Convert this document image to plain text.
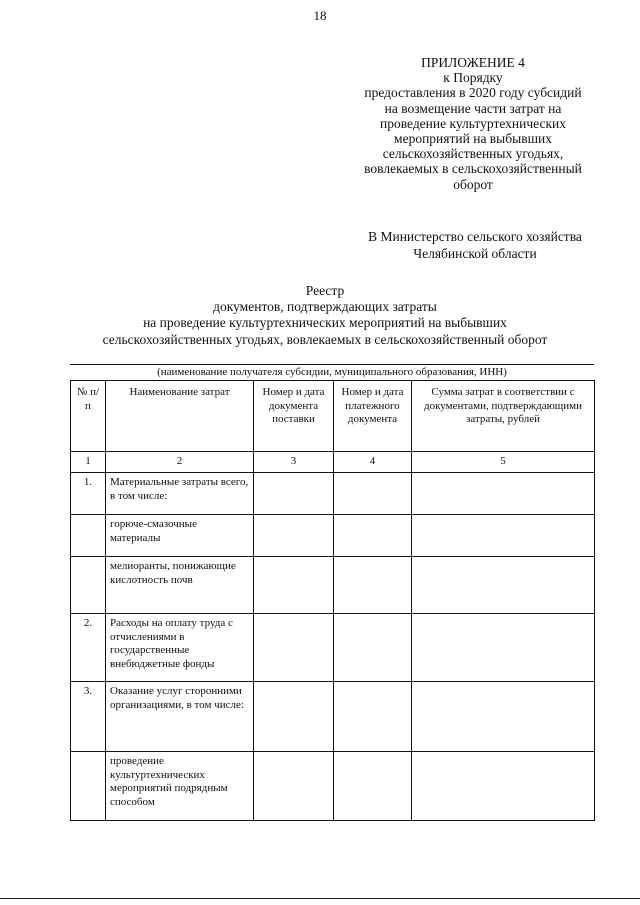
18
ПРИЛОЖЕНИЕ 4
к Порядку
предоставления в 2020 году субсидий
на возмещение части затрат на
проведение культуртехнических
мероприятий на выбывших
сельскохозяйственных угодьях,
вовлекаемых в сельскохозяйственный
оборот
В Министерство сельского хозяйства
Челябинской области
Реестр
документов, подтверждающих затраты
на проведение культуртехнических мероприятий на выбывших
сельскохозяйственных угодьях, вовлекаемых в сельскохозяйственный оборот
(наименование получателя субсидии, муниципального образования, ИНН)
№ п/п	Наименование затрат	Номер и дата документа поставки	Номер и дата платежного документа	Сумма затрат в соответствии с документами, подтверждающими затраты, рублей
1	2	3	4	5
1.	Материальные затраты всего, в том числе:			
	горюче-смазочные материалы			
	мелиоранты, понижающие кислотность почв			
2.	Расходы на оплату труда с отчислениями в государственные внебюджетные фонды			
3.	Оказание услуг сторонними организациями, в том числе:			
	проведение культуртехнических мероприятий подрядным способом			
